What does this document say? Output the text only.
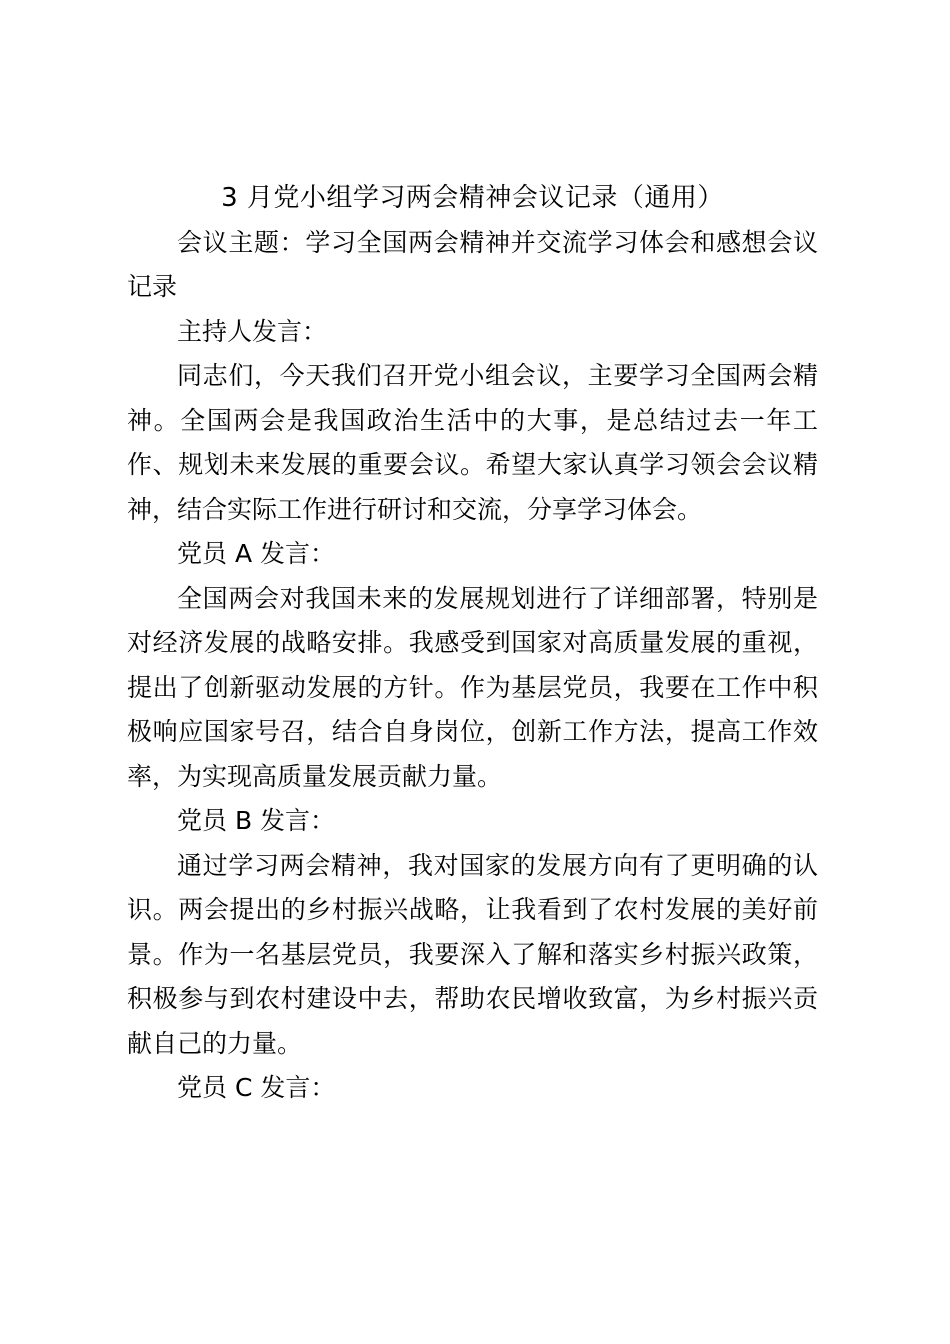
3 月党小组学习两会精神会议记录（通用）

会议主题：学习全国两会精神并交流学习体会和感想会议记录

主持人发言：

同志们，今天我们召开党小组会议，主要学习全国两会精神。全国两会是我国政治生活中的大事，是总结过去一年工作、规划未来发展的重要会议。希望大家认真学习领会会议精神，结合实际工作进行研讨和交流，分享学习体会。

党员 A 发言：

全国两会对我国未来的发展规划进行了详细部署，特别是对经济发展的战略安排。我感受到国家对高质量发展的重视，提出了创新驱动发展的方针。作为基层党员，我要在工作中积极响应国家号召，结合自身岗位，创新工作方法，提高工作效率，为实现高质量发展贡献力量。

党员 B 发言：

通过学习两会精神，我对国家的发展方向有了更明确的认识。两会提出的乡村振兴战略，让我看到了农村发展的美好前景。作为一名基层党员，我要深入了解和落实乡村振兴政策，积极参与到农村建设中去，帮助农民增收致富，为乡村振兴贡献自己的力量。

党员 C 发言：
